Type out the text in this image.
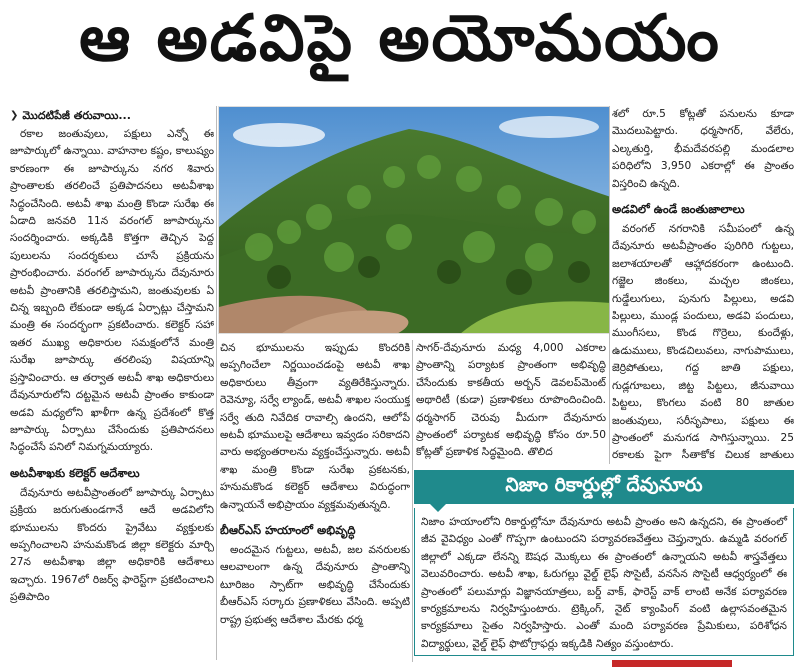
ఆ అడవిపై అయోమయం
❯ మొదటిపేజీ తరువాయి...

రకాల జంతువులు, పక్షులు ఎన్నో ఈ జూపార్కులో ఉన్నాయి. వాహనాల కష్టం, కాలుష్యం కారణంగా ఈ జూపార్కును నగర శివారు ప్రాంతాలకు తరలించే ప్రతిపాదనలు అటవీశాఖ సిద్ధంచేసింది. అటవీ శాఖ మంత్రి కొండా సురేఖ ఈ ఏడాది జనవరి 11న వరంగల్ జూపార్కును సందర్శించారు. అక్కడికి కొత్తగా తెచ్చిన పెద్ద పులులను సందర్శకులు చూసే ప్రక్రియను ప్రారంభించారు. వరంగల్ జూపార్కును దేవునూరు అటవీ ప్రాంతానికి తరలిస్తామని, జంతువులకు ఏ చిన్న ఇబ్బంది లేకుండా అక్కడ ఏర్పాట్లు చేస్తామని మంత్రి ఈ సందర్భంగా ప్రకటించారు. కలెక్టర్ సహా ఇతర ముఖ్య అధికారుల సమక్షంలోనే మంత్రి సురేఖ జూపార్కు తరలింపు విషయాన్ని ప్రస్తావించారు. ఆ తర్వాత అటవీ శాఖ అధికారులు దేవునూరులోని దట్టమైన అటవీ ప్రాంతం కాకుండా అడవి మధ్యలోని ఖాళీగా ఉన్న ప్రదేశంలో కొత్త జూపార్కు ఏర్పాటు చేసేందుకు ప్రతిపాదనలు సిద్ధంచేసే పనిలో నిమగ్నమయ్యారు.

అటవీశాఖకు కలెక్టర్ ఆదేశాలు

దేవునూరు అటవీప్రాంతంలో జూపార్కు ఏర్పాటు ప్రక్రియ జరుగుతుండగానే ఆదే అడవిలోని భూములను కొందరు ప్రైవేటు వ్యక్తులకు అప్పగించాలని హనుమకొండ జిల్లా కలెక్టరు మార్చి 27న అటవీశాఖ జిల్లా అధికారికి ఆదేశాలు ఇచ్చారు. 1967లో రిజర్వ్ ఫారెస్ట్‌గా ప్రకటించాలని ప్రతిపాదిం

చిన భూములను ఇప్పుడు కొందరికి అప్పగించేలా నిర్ణయించడంపై అటవీ శాఖ అధికారులు తీవ్రంగా వ్యతిరేకిస్తున్నారు. రెవెన్యూ, సర్వే ల్యాండ్, అటవీ శాఖల సంయుక్త సర్వే తుది నివేదిక రావాల్సి ఉందని, ఆలోపే అటవీ భూములపై ఆదేశాలు ఇవ్వడం సరికాదని వారు అభ్యంతరాలను వ్యక్తంచేస్తున్నారు. అటవీ శాఖ మంత్రి కొండా సురేఖ ప్రకటనకు, హనుమకొండ కలెక్టర్ ఆదేశాలు విరుద్ధంగా ఉన్నాయనే అభిప్రాయం వ్యక్తమవుతున్నది.

బీఆర్ఎస్ హయాంలో అభివృద్ధి

అందమైన గుట్టలు, అటవీ, జల వనరులకు ఆలవాలంగా ఉన్న దేవునూరు ప్రాంతాన్ని టూరిజం స్పాట్‌గా అభివృద్ధి చేసేందుకు బీఆర్ఎస్ సర్కారు ప్రణాళికలు వేసింది. అప్పటి రాష్ట్ర ప్రభుత్వ ఆదేశాల మేరకు ధర్మ

సాగర్-దేవునూరు మధ్య 4,000 ఎకరాల ప్రాంతాన్ని పర్యాటక ప్రాంతంగా అభివృద్ధి చేసేందుకు కాకతీయ అర్బన్ డెవలప్‌మెంట్ అథారిటీ (కుడా) ప్రణాళికలు రూపొందించింది. ధర్మసాగర్ చెరువు మీదుగా దేవునూరు ప్రాంతంలో పర్యాటక అభివృద్ధి కోసం రూ.50 కోట్లతో ప్రణాళిక సిద్ధమైంది. తొలిద

శలో రూ.5 కోట్లతో పనులను కూడా మొదలుపెట్టారు. ధర్మసాగర్, వేలేరు, ఎల్కతుర్తి, భీమదేవరపల్లి మండలాల పరిధిలోని 3,950 ఎకరాల్లో ఈ ప్రాంతం విస్తరించి ఉన్నది.

అడవిలో ఉండే జంతుజాలాలు

వరంగల్ నగరానికి సమీపంలో ఉన్న దేవునూరు అటవీప్రాంతం పురిగిరి గుట్టలు, జలాశయాలతో ఆహ్లాదకరంగా ఉంటుంది. గజ్జెల జింకలు, మచ్చల జింకలు, గుడ్డేలుగులు, పునుగు పిల్లులు, అడవి పిల్లులు, ముండ్ల పందులు, అడవి పందులు, ముంగీసలు, కొండ గొర్రెలు, కుందేళ్లు, ఉడుములు, కొండచిలువలు, నాగుపాములు, జెర్రిపోతులు, గద్ద జాతి పక్షులు, గుడ్లగూబలు, జిట్ట పిట్టలు, జీనువాయి పిట్టలు, కొంగలు వంటి 80 జాతుల జంతువులు, సరీసృపాలు, పక్షులు ఈ ప్రాంతంలో మనుగడ సాగిస్తున్నాయి. 25 రకాలకు పైగా సీతాకోక చిలుక జాతులు

నిజాం రికార్డుల్లో దేవునూరు

నిజాం హయాంలోని రికార్డుల్లోనూ దేవునూరు అటవీ ప్రాంతం అని ఉన్నదని, ఈ ప్రాంతంలో జీవ వైవిధ్యం ఎంతో గొప్పగా ఉంటుందని పర్యావరణవేత్తలు చెప్తున్నారు. ఉమ్మడి వరంగల్ జిల్లాలో ఎక్కడా లేనన్ని ఔషధ మొక్కలు ఈ ప్రాంతంలో ఉన్నాయని అటవీ శాస్త్రవేత్తలు వెలువరించారు. అటవీ శాఖ, ఓరుగల్లు వైల్డ్ లైఫ్ సొసైటీ, వనసేన సొసైటీ ఆధ్వర్యంలో ఈ ప్రాంతంలో పలుమార్లు విజ్ఞానయాత్రలు, బర్డ్ వాక్, ఫారెస్ట్ వాక్ లాంటి అనేక పర్యావరణ కార్యక్రమాలను నిర్వహిస్తుంటారు. ట్రెక్కింగ్, నైట్ క్యాంపింగ్ వంటి ఉల్లాసవంతమైన కార్యక్రమాలు సైతం నిర్వహిస్తారు. ఎంతో మంది పర్యావరణ ప్రేమికులు, పరిశోధన విద్యార్థులు, వైల్డ్ లైఫ్ ఫొటోగ్రాఫర్లు ఇక్కడికి నిత్యం వస్తుంటారు.
